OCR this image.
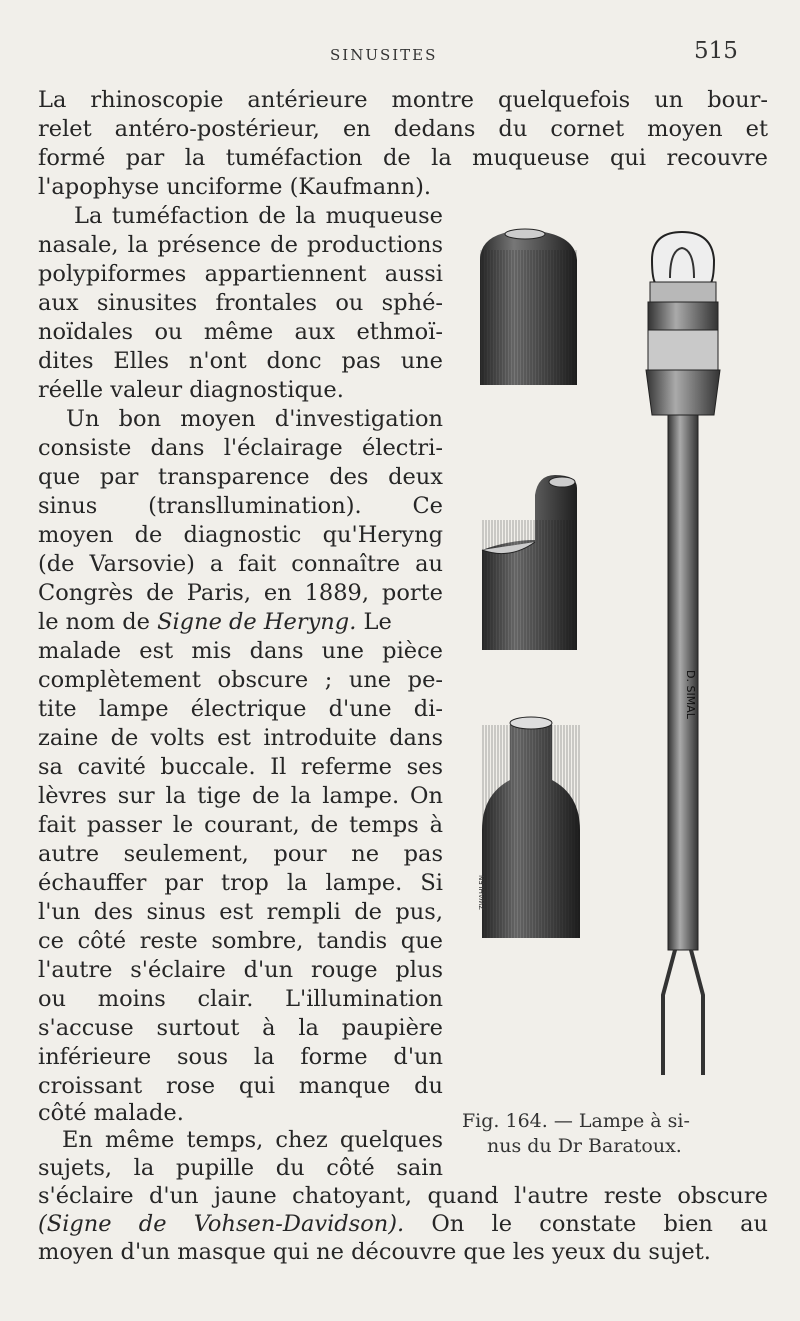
SINUSITES	515
La rhinoscopie antérieure montre quelquefois un bour-
relet antéro-postérieur, en dedans du cornet moyen et
formé par la tuméfaction de la muqueuse qui recouvre
l'apophyse unciforme (Kaufmann).
La tuméfaction de la muqueuse
nasale, la présence de productions
polypiformes appartiennent aussi
aux sinusites frontales ou sphé-
noïdales ou même aux ethmoï-
dites Elles n'ont donc pas une
réelle valeur diagnostique.
Un bon moyen d'investigation
consiste dans l'éclairage électri-
que par transparence des deux
sinus (transllumination). Ce
moyen de diagnostic qu'Heryng
(de Varsovie) a fait connaître au
Congrès de Paris, en 1889, porte
le nom de Signe de Heryng. Le
malade est mis dans une pièce
complètement obscure ; une pe-
tite lampe électrique d'une di-
zaine de volts est introduite dans
sa cavité buccale. Il referme ses
lèvres sur la tige de la lampe. On
fait passer le courant, de temps à
autre seulement, pour ne pas
échauffer par trop la lampe. Si
l'un des sinus est rempli de pus,
ce côté reste sombre, tandis que
l'autre s'éclaire d'un rouge plus
ou moins clair. L'illumination
s'accuse surtout à la paupière
inférieure sous la forme d'un
croissant rose qui manque du
côté malade.
En même temps, chez quelques
sujets, la pupille du côté sain
s'éclaire d'un jaune chatoyant, quand l'autre reste obscure
(Signe de Vohsen-Davidson). On le constate bien au
moyen d'un masque qui ne découvre que les yeux du sujet.
D. SIMAL
ZWAHLEN
Fig. 164. — Lampe à si-
nus du Dr Baratoux.
